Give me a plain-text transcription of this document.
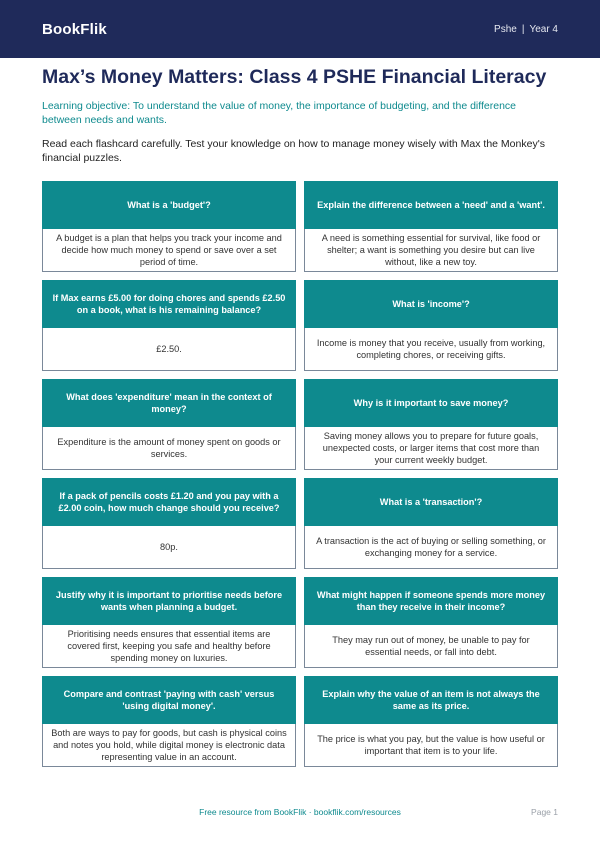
BookFlik	Pshe | Year 4
Max’s Money Matters: Class 4 PSHE Financial Literacy

Learning objective: To understand the value of money, the importance of budgeting, and the difference between needs and wants.

Read each flashcard carefully. Test your knowledge on how to manage money wisely with Max the Monkey's financial puzzles.

What is a 'budget'?
A budget is a plan that helps you track your income and decide how much money to spend or save over a set period of time.
Explain the difference between a 'need' and a 'want'.
A need is something essential for survival, like food or shelter; a want is something you desire but can live without, like a new toy.
If Max earns £5.00 for doing chores and spends £2.50 on a book, what is his remaining balance?
£2.50.
What is 'income'?
Income is money that you receive, usually from working, completing chores, or receiving gifts.
What does 'expenditure' mean in the context of money?
Expenditure is the amount of money spent on goods or services.
Why is it important to save money?
Saving money allows you to prepare for future goals, unexpected costs, or larger items that cost more than your current weekly budget.
If a pack of pencils costs £1.20 and you pay with a £2.00 coin, how much change should you receive?
80p.
What is a 'transaction'?
A transaction is the act of buying or selling something, or exchanging money for a service.
Justify why it is important to prioritise needs before wants when planning a budget.
Prioritising needs ensures that essential items are covered first, keeping you safe and healthy before spending money on luxuries.
What might happen if someone spends more money than they receive in their income?
They may run out of money, be unable to pay for essential needs, or fall into debt.
Compare and contrast 'paying with cash' versus 'using digital money'.
Both are ways to pay for goods, but cash is physical coins and notes you hold, while digital money is electronic data representing value in an account.
Explain why the value of an item is not always the same as its price.
The price is what you pay, but the value is how useful or important that item is to your life.
Free resource from BookFlik · bookflik.com/resources	Page 1
